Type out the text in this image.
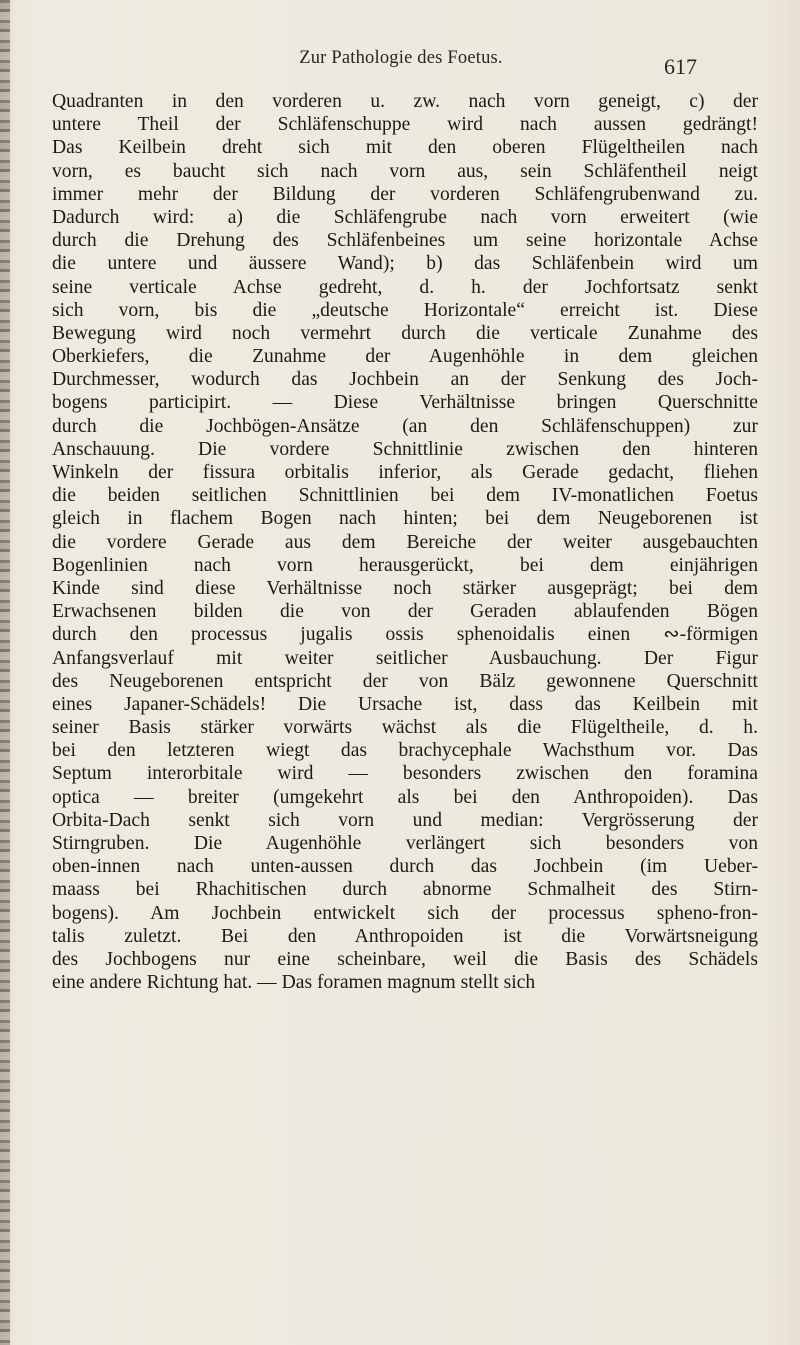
Zur Pathologie des Foetus.	617
Quadranten in den vorderen u. zw. nach vorn geneigt, c) der
untere Theil der Schläfenschuppe wird nach aussen gedrängt!
Das Keilbein dreht sich mit den oberen Flügeltheilen nach
vorn, es baucht sich nach vorn aus, sein Schläfentheil neigt
immer mehr der Bildung der vorderen Schläfengrubenwand zu.
Dadurch wird: a) die Schläfengrube nach vorn erweitert (wie
durch die Drehung des Schläfenbeines um seine horizontale Achse
die untere und äussere Wand); b) das Schläfenbein wird um
seine verticale Achse gedreht, d. h. der Jochfortsatz senkt
sich vorn, bis die „deutsche Horizontale“ erreicht ist. Diese
Bewegung wird noch vermehrt durch die verticale Zunahme des
Oberkiefers, die Zunahme der Augenhöhle in dem gleichen
Durchmesser, wodurch das Jochbein an der Senkung des Joch-
bogens participirt. — Diese Verhältnisse bringen Querschnitte
durch die Jochbögen-Ansätze (an den Schläfenschuppen) zur
Anschauung. Die vordere Schnittlinie zwischen den hinteren
Winkeln der fissura orbitalis inferior, als Gerade gedacht, fliehen
die beiden seitlichen Schnittlinien bei dem IV-monatlichen Foetus
gleich in flachem Bogen nach hinten; bei dem Neugeborenen ist
die vordere Gerade aus dem Bereiche der weiter ausgebauchten
Bogenlinien nach vorn herausgerückt, bei dem einjährigen
Kinde sind diese Verhältnisse noch stärker ausgeprägt; bei dem
Erwachsenen bilden die von der Geraden ablaufenden Bögen
durch den processus jugalis ossis sphenoidalis einen ∾-förmigen
Anfangsverlauf mit weiter seitlicher Ausbauchung. Der Figur
des Neugeborenen entspricht der von Bälz gewonnene Querschnitt
eines Japaner-Schädels! Die Ursache ist, dass das Keilbein mit
seiner Basis stärker vorwärts wächst als die Flügeltheile, d. h.
bei den letzteren wiegt das brachycephale Wachsthum vor. Das
Septum interorbitale wird — besonders zwischen den foramina
optica — breiter (umgekehrt als bei den Anthropoiden). Das
Orbita-Dach senkt sich vorn und median: Vergrösserung der
Stirngruben. Die Augenhöhle verlängert sich besonders von
oben-innen nach unten-aussen durch das Jochbein (im Ueber-
maass bei Rhachitischen durch abnorme Schmalheit des Stirn-
bogens). Am Jochbein entwickelt sich der processus spheno-fron-
talis zuletzt. Bei den Anthropoiden ist die Vorwärtsneigung
des Jochbogens nur eine scheinbare, weil die Basis des Schädels
eine andere Richtung hat. — Das foramen magnum stellt sich
